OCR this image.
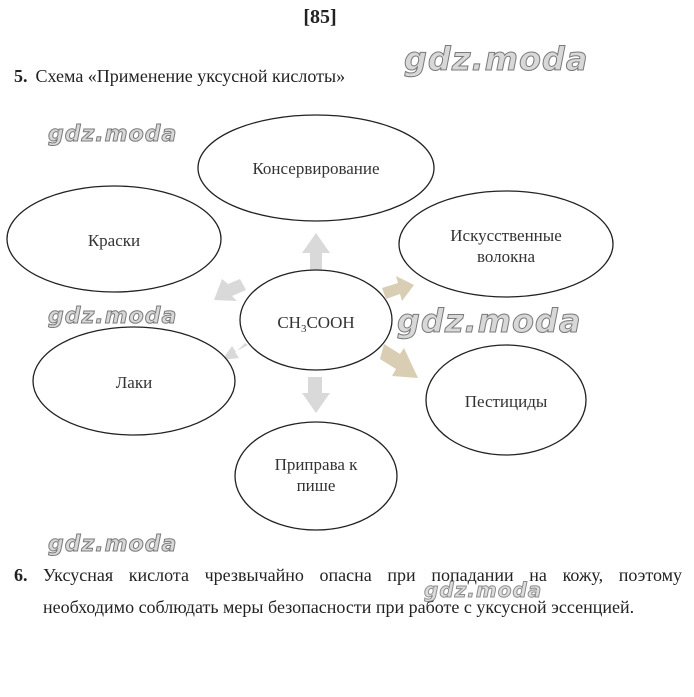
[85]
5. Схема «Применение уксусной кислоты»
Консервирование
Краски	Искусственные
волокна
$CH_3COOH$
Лаки
Пестициды
Приправа к
пише
6. Уксусная кислота чрезвычайно опасна при попадании на кожу, поэтому необходимо соблюдать меры безопасности при работе с уксусной эссенцией.
gdz.moda
gdz.moda
gdz.moda	gdz.moda
gdz.moda
gdz.moda
